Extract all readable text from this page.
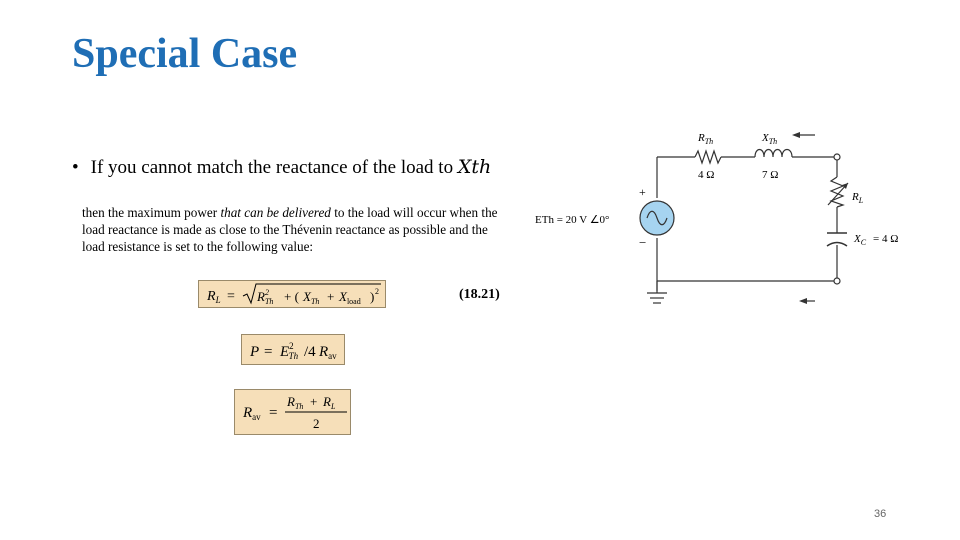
Special Case
• If you cannot match the reactance of the load to Xth
then the maximum power that can be delivered to the load will occur when the load reactance is made as close to the Thévenin reactance as possible and the load resistance is set to the following value:
$R_L = R^2$ Th + ( $X_{Th} + X_{load}$ ) 2	(18.21)
$P = E^2$ Th /4 $R_{av}$
$R_{av}$ =
$R_{Th} + R_L$
2
+
−
ETh = 20 V ∠0°
$R_{Th}$
4 Ω
$X_{Th}$
7 Ω
$R_L$
$X_C = 4$ Ω
36
